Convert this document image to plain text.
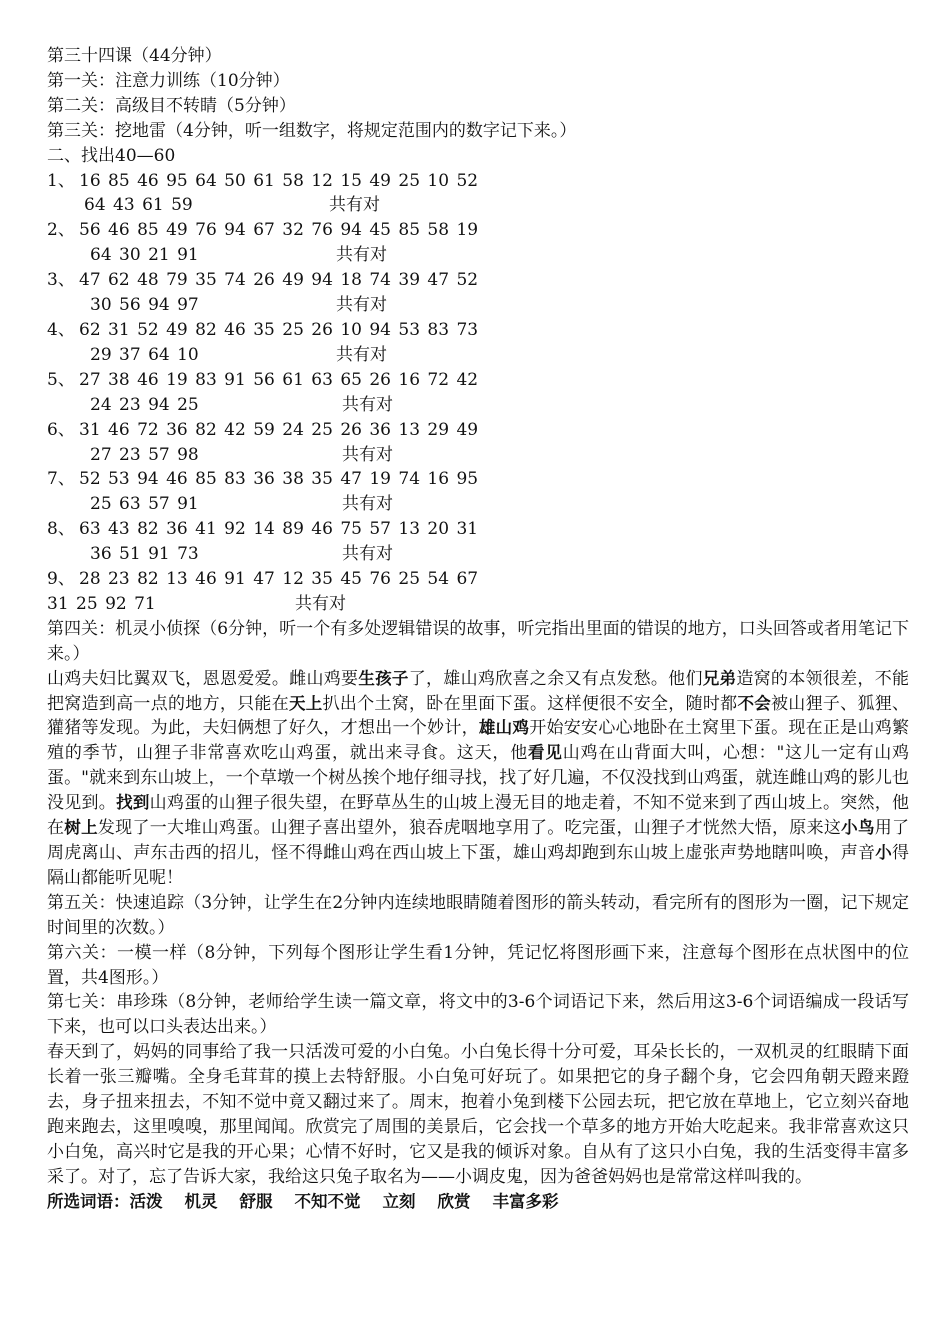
第三十四课（44分钟）
第一关：注意力训练（10分钟）
第二关：高级目不转睛（5分钟）
第三关：挖地雷（4分钟，听一组数字，将规定范围内的数字记下来。）
二、找出40—60
1、 16 85 46 95 64 50 61 58 12 15 49 25 10 52
64 43 61 59	共有对
2、 56 46 85 49 76 94 67 32 76 94 45 85 58 19
64 30 21 91	共有对
3、 47 62 48 79 35 74 26 49 94 18 74 39 47 52
30 56 94 97	共有对
4、 62 31 52 49 82 46 35 25 26 10 94 53 83 73
29 37 64 10	共有对
5、 27 38 46 19 83 91 56 61 63 65 26 16 72 42
24 23 94 25	共有对
6、 31 46 72 36 82 42 59 24 25 26 36 13 29 49
27 23 57 98	共有对
7、 52 53 94 46 85 83 36 38 35 47 19 74 16 95
25 63 57 91	共有对
8、 63 43 82 36 41 92 14 89 46 75 57 13 20 31
36 51 91 73	共有对
9、 28 23 82 13 46 91 47 12 35 45 76 25 54 67
31 25 92 71	共有对
第四关：机灵小侦探（6分钟，听一个有多处逻辑错误的故事，听完指出里面的错误的地方，口头回答或者用笔记下来。）
山鸡夫妇比翼双飞，恩恩爱爱。雌山鸡要生孩子了，雄山鸡欣喜之余又有点发愁。他们兄弟造窝的本领很差，不能把窝造到高一点的地方，只能在天上扒出个土窝，卧在里面下蛋。这样便很不安全，随时都不会被山狸子、狐狸、獾猪等发现。为此，夫妇俩想了好久，才想出一个妙计，雄山鸡开始安安心心地卧在土窝里下蛋。现在正是山鸡繁殖的季节，山狸子非常喜欢吃山鸡蛋，就出来寻食。这天，他看见山鸡在山背面大叫，心想："这儿一定有山鸡蛋。"就来到东山坡上，一个草墩一个树丛挨个地仔细寻找，找了好几遍，不仅没找到山鸡蛋，就连雌山鸡的影儿也没见到。找到山鸡蛋的山狸子很失望，在野草丛生的山坡上漫无目的地走着，不知不觉来到了西山坡上。突然，他在树上发现了一大堆山鸡蛋。山狸子喜出望外，狼吞虎咽地享用了。吃完蛋，山狸子才恍然大悟，原来这小鸟用了周虎离山、声东击西的招儿，怪不得雌山鸡在西山坡上下蛋，雄山鸡却跑到东山坡上虚张声势地瞎叫唤，声音小得隔山都能听见呢！
第五关：快速追踪（3分钟，让学生在2分钟内连续地眼睛随着图形的箭头转动，看完所有的图形为一圈，记下规定时间里的次数。）
第六关：一模一样（8分钟，下列每个图形让学生看1分钟，凭记忆将图形画下来，注意每个图形在点状图中的位置，共4图形。）
第七关：串珍珠（8分钟，老师给学生读一篇文章，将文中的3-6个词语记下来，然后用这3-6个词语编成一段话写下来，也可以口头表达出来。）
春天到了，妈妈的同事给了我一只活泼可爱的小白兔。小白兔长得十分可爱，耳朵长长的，一双机灵的红眼睛下面长着一张三瓣嘴。全身毛茸茸的摸上去特舒服。小白兔可好玩了。如果把它的身子翻个身，它会四角朝天蹬来蹬去，身子扭来扭去，不知不觉中竟又翻过来了。周末，抱着小兔到楼下公园去玩，把它放在草地上，它立刻兴奋地跑来跑去，这里嗅嗅，那里闻闻。欣赏完了周围的美景后，它会找一个草多的地方开始大吃起来。我非常喜欢这只小白兔，高兴时它是我的开心果；心情不好时，它又是我的倾诉对象。自从有了这只小白兔，我的生活变得丰富多采了。对了，忘了告诉大家，我给这只兔子取名为——小调皮鬼，因为爸爸妈妈也是常常这样叫我的。
所选词语：活泼 机灵 舒服 不知不觉 立刻 欣赏 丰富多彩
